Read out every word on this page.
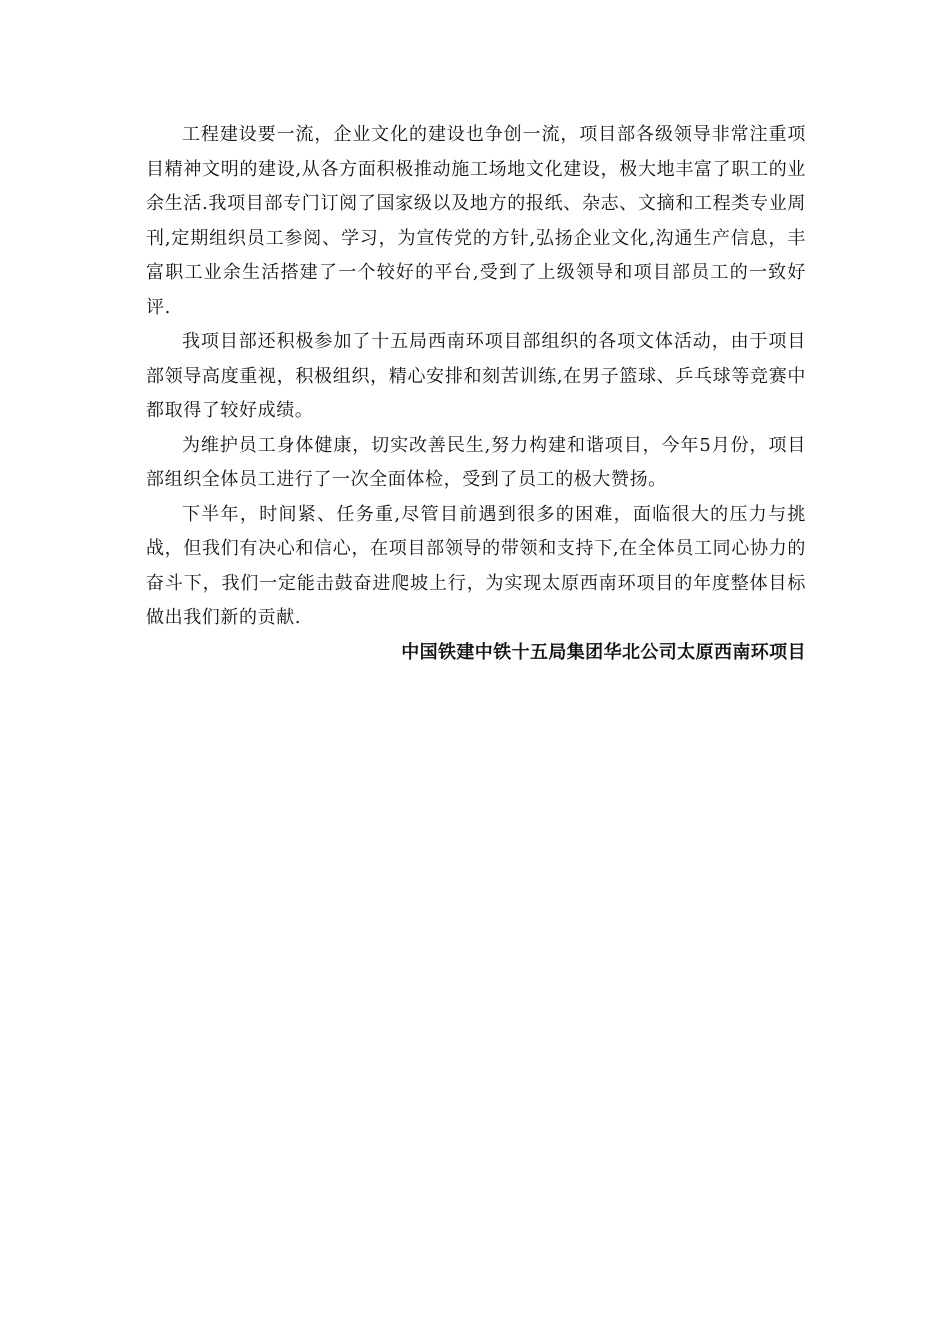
工程建设要一流，企业文化的建设也争创一流，项目部各级领导非常注重项目精神文明的建设,从各方面积极推动施工场地文化建设，极大地丰富了职工的业余生活.我项目部专门订阅了国家级以及地方的报纸、杂志、文摘和工程类专业周刊,定期组织员工参阅、学习，为宣传党的方针,弘扬企业文化,沟通生产信息，丰富职工业余生活搭建了一个较好的平台,受到了上级领导和项目部员工的一致好评.

我项目部还积极参加了十五局西南环项目部组织的各项文体活动，由于项目部领导高度重视，积极组织，精心安排和刻苦训练,在男子篮球、乒乓球等竞赛中都取得了较好成绩。

为维护员工身体健康，切实改善民生,努力构建和谐项目，今年5月份，项目部组织全体员工进行了一次全面体检，受到了员工的极大赞扬。

下半年，时间紧、任务重,尽管目前遇到很多的困难，面临很大的压力与挑战，但我们有决心和信心，在项目部领导的带领和支持下,在全体员工同心协力的奋斗下，我们一定能击鼓奋进爬坡上行，为实现太原西南环项目的年度整体目标做出我们新的贡献.

中国铁建中铁十五局集团华北公司太原西南环项目
